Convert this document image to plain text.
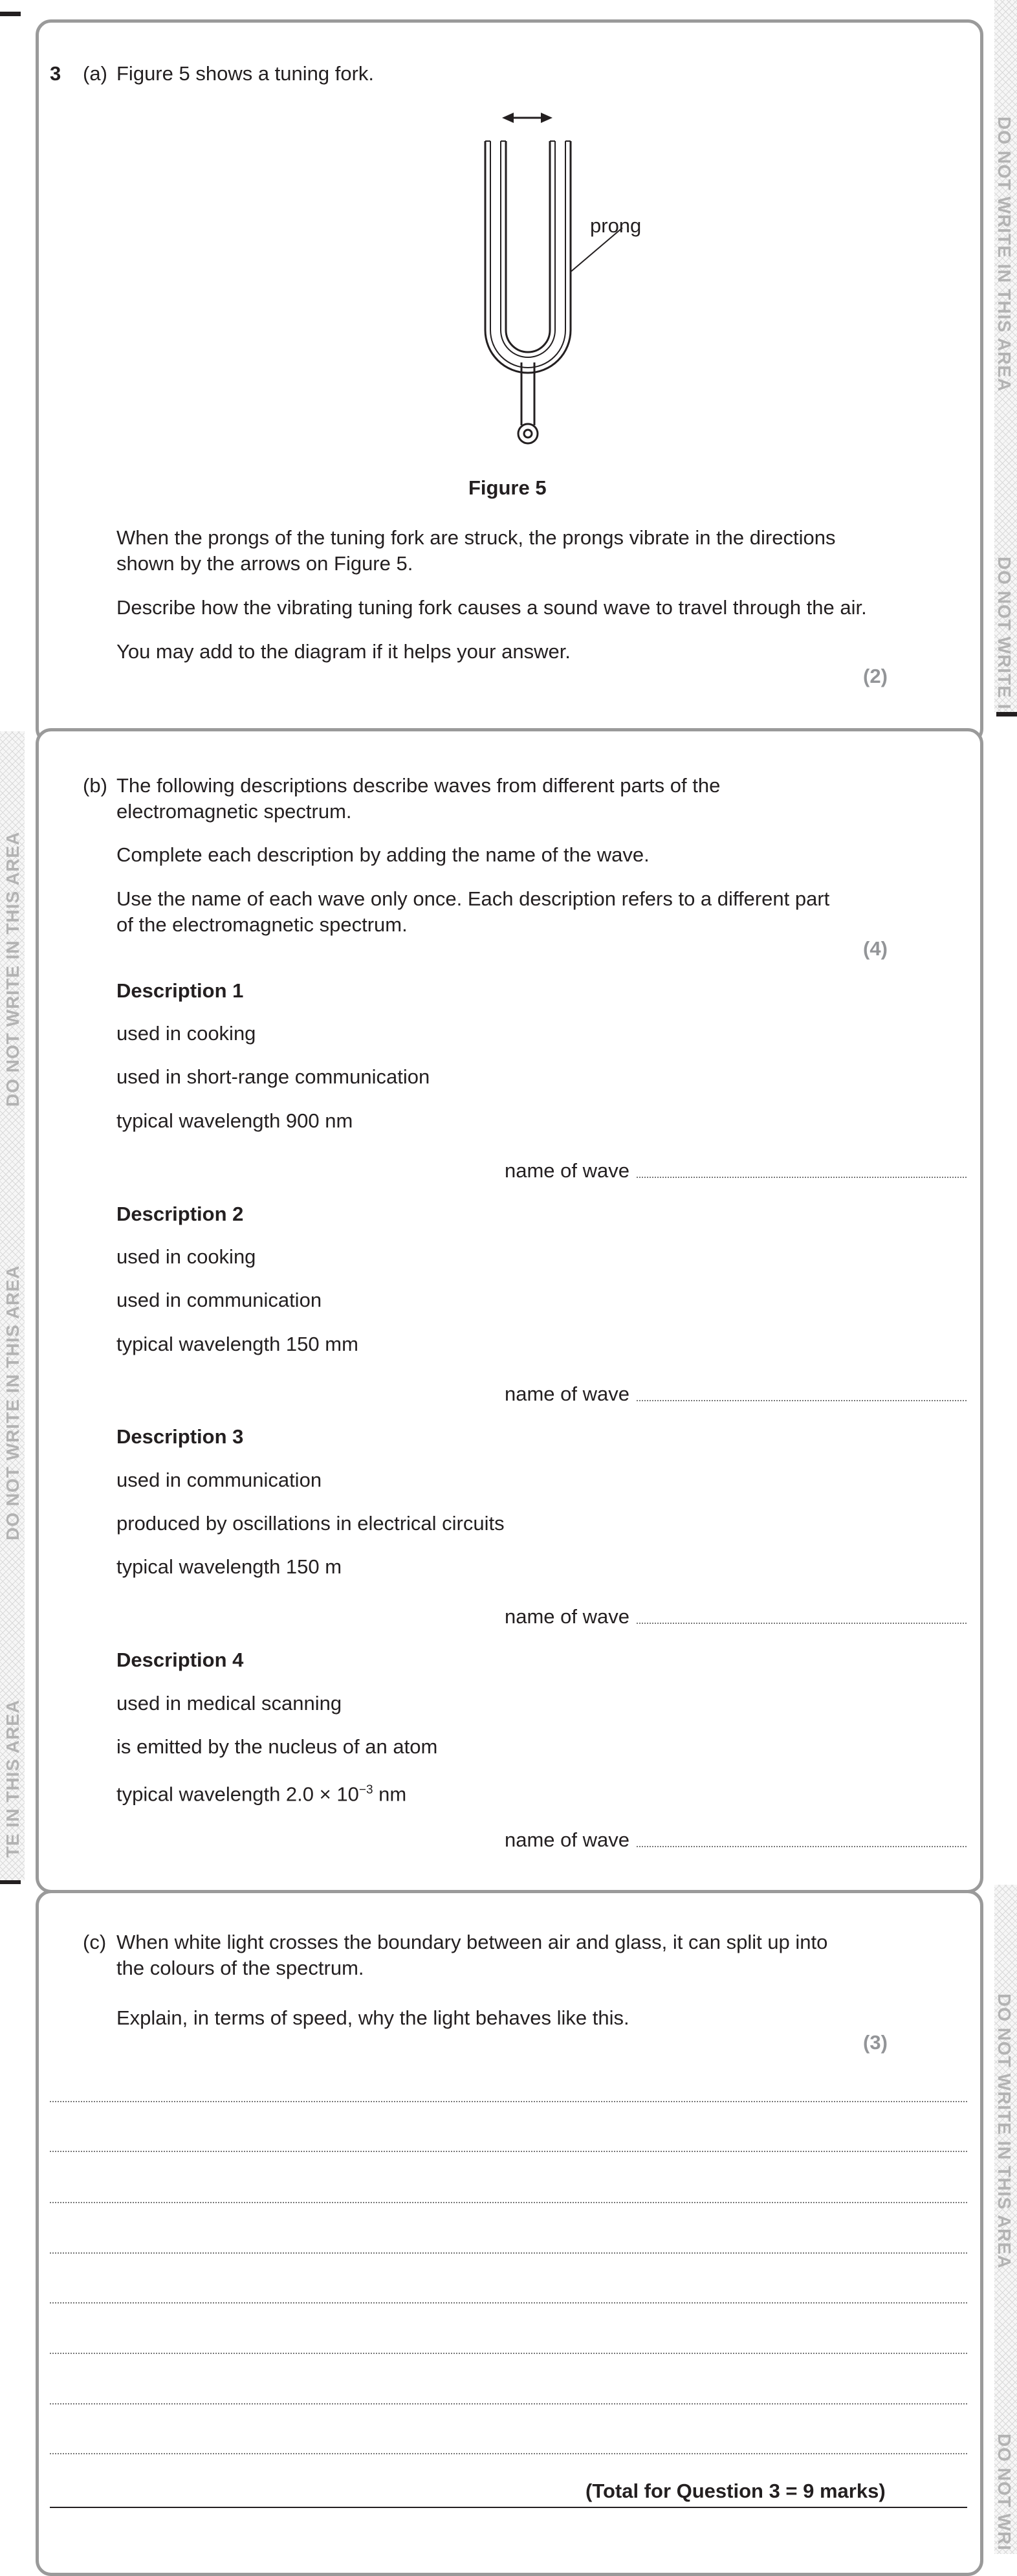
DO NOT WRITE IN THIS AREA
DO NOT WRITE I
DO NOT WRITE IN THIS AREA
DO NOT WRITE IN THIS AREA
TE IN THIS AREA
DO NOT WRITE IN THIS AREA
DO NOT WRI
3 (a) Figure 5 shows a tuning fork.
prong
Figure 5
When the prongs of the tuning fork are struck, the prongs vibrate in the directions
shown by the arrows on Figure 5.
Describe how the vibrating tuning fork causes a sound wave to travel through the air.
You may add to the diagram if it helps your answer.
(2)
(b) The following descriptions describe waves from different parts of the
electromagnetic spectrum.
Complete each description by adding the name of the wave.
Use the name of each wave only once. Each description refers to a different part
of the electromagnetic spectrum.
(4)
Description 1
used in cooking
used in short-range communication
typical wavelength 900 nm
name of wave
Description 2
used in cooking
used in communication
typical wavelength 150 mm
name of wave
Description 3
used in communication
produced by oscillations in electrical circuits
typical wavelength 150 m
name of wave
Description 4
used in medical scanning
is emitted by the nucleus of an atom
typical wavelength $2.0 \times 10^{-3}$ nm
name of wave
(c) When white light crosses the boundary between air and glass, it can split up into
the colours of the spectrum.
Explain, in terms of speed, why the light behaves like this.
(3)
(Total for Question 3 = 9 marks)
